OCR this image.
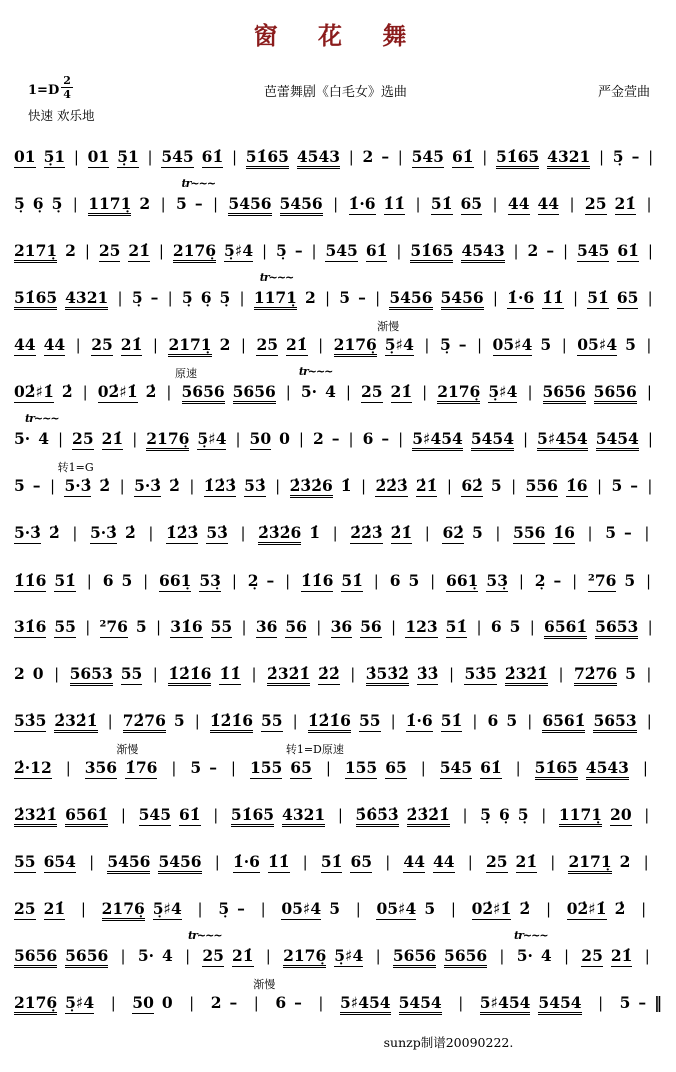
窗 花 舞
$1=D \frac{2}{4}$	芭蕾舞剧《白毛女》选曲	严金萱曲
快速 欢乐地
01 5̣1 | 01 5̣1 | 545 61̇ | 51̇65 4543 | 2 – | 545 61̇ | 51̇65 4321 | 5̣ – |
tr~~~
5̣ 6̣ 5̣ | 1171̣ 2 | 5 – | 5456 5456 | 1̇·6 1̇1̇ | 51̇ 65 | 44 44 | 25 21̇ |
2171̣ 2 | 25 21̇ | 2176̣ 5̣♯4 | 5̣ – | 545 61̇ | 51̇65 4543 | 2 – | 545 61̇ |
tr~~~
51̇65 4321 | 5̣ – | 5̣ 6̣ 5̣ | 1171̣ 2 | 5 – | 5456 5456 | 1̇·6 1̇1̇ | 51̇ 65 |
渐慢
44 44 | 25 21̇ | 2171̣ 2 | 25 21̇ | 2176̣ 5̣♯4 | 5̣ – | 05♯4 5 | 05♯4 5 |
原速	tr~~~
02̇♯1̇ 2̇ | 02̇♯1̇ 2̇ | 5656 5656 | 5· 4 | 25 21̇ | 2176̣ 5̣♯4 | 5656 5656 |
tr~~~
5· 4 | 25 21̇ | 2176̣ 5̣♯4 | 50 0 | 2 – | 6 – | 5♯454 5454 | 5♯454 5454 |
转1=G
5 – | 5·3̇ 2̇ | 5·3̇ 2̇ | 1̇2̇3̇ 53̇ | 2̇3̇2̇6 1̇ | 2̇2̇3̇ 2̇1̇ | 62̇ 5 | 556 1̇6 | 5 – |
5·3̇ 2̇ | 5·3̇ 2̇ | 1̇2̇3̇ 53̇ | 2̇3̇2̇6 1̇ | 2̇2̇3̇ 2̇1̇ | 62̇ 5 | 556 1̇6 | 5 – |
1̇1̇6 51̇ | 6 5 | 661̣ 53̣ | 2̣ – | 1̇1̇6 51̇ | 6 5 | 661̣ 53̣ | 2̣ – | ²76 5 |
31̇6 55 | ²76 5 | 31̇6 55 | 36 56 | 36 56 | 123 51̇ | 6 5 | 6561̇ 5653 |
2 0 | 5653 55 | 1̇2̇1̇6 1̇1̇ | 2̇32̇1̇ 2̇2̇ | 3̇53̇2̇ 3̇3̇ | 53̇5 2̇32̇1̇ | 72̇76 5 |
53̇5 2̇32̇1̇ | 72̇76 5 | 1̇2̇1̇6 55 | 1̇2̇1̇6 55 | 1̇·6 51̇ | 6 5 | 6561̇ 5653 |
渐慢	转1=D原速
2̇·12 | 356 1̇76 | 5 – | 155 65 | 155 65 | 545 61̇ | 51̇65 4543 |
2̇32̇1̇ 6561̇ | 545 61̇ | 51̇65 4321 | 5̇6̇5̇3̇ 2̇3̇2̇1̇ | 5̣ 6̣ 5̣ | 1171̣ 20 |
55 654 | 5456 5456 | 1̇·6 1̇1̇ | 51̇ 65 | 44 44 | 25 21̇ | 2171̣ 2 |
25 21̇ | 2176̣ 5̣♯4 | 5̣ – | 05♯4 5 | 05♯4 5 | 02̇♯1̇ 2̇ | 02̇♯1̇ 2̇ |
tr~~~	tr~~~
5656 5656 | 5· 4 | 25 21̇ | 2176̣ 5̣♯4 | 5656 5656 | 5· 4 | 25 21̇ |
渐慢
2176̣ 5̣♯4 | 50 0 | 2 – | 6 – | 5♯454 5454 | 5♯454 5454 | 5 – ‖
sunzp制谱20090222.
